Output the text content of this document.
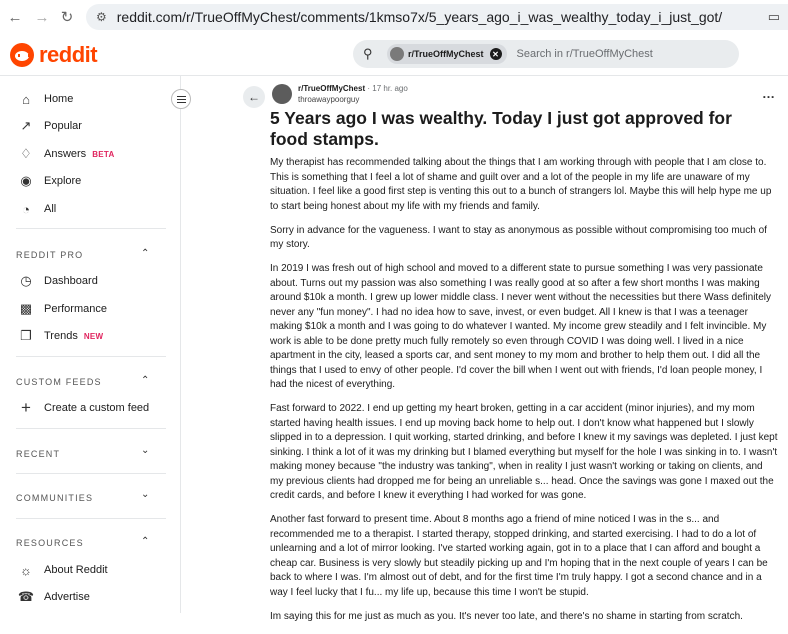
← → ↻	⚙ reddit.com/r/TrueOffMyChest/comments/1kmso7x/5_years_ago_i_was_wealthy_today_i_just_got/	▭
reddit	⚲	r/TrueOffMyChest	✕ Search in r/TrueOffMyChest
⌂	Home
↗ Popular
♢ Answers BETA
◉ Explore
◔	All
REDDIT PRO	⌃
◷ Dashboard
▩ Performance
❐ Trends NEW
CUSTOM FEEDS	⌃
+ Create a custom feed
RECENT	⌄
COMMUNITIES	⌄
RESOURCES	⌃
☼ About Reddit
☎ Advertise
←
r/TrueOffMyChest · 17 hr. ago
throawaypoorguy	…
5 Years ago I was wealthy. Today I just got approved for food stamps.

My therapist has recommended talking about the things that I am working through with people that I am close to. This is something that I feel a lot of shame and guilt over and a lot of the people in my life are unaware of my situation. I feel like a good first step is venting this out to a bunch of strangers lol. Maybe this will help hype me up to start being honest about my life with my friends and family.

Sorry in advance for the vagueness. I want to stay as anonymous as possible without compromising too much of my story.

In 2019 I was fresh out of high school and moved to a different state to pursue something I was very passionate about. Turns out my passion was also something I was really good at so after a few short months I was making around $10k a month. I grew up lower middle class. I never went without the necessities but there Wass definitely never any "fun money". I had no idea how to save, invest, or even budget. All I knew is that I was a teenager making $10k a month and I was going to do whatever I wanted. My income grew steadily and I felt invincible. My work is able to be done pretty much fully remotely so even through COVID I was doing well. I lived in a nice apartment in the city, leased a sports car, and sent money to my mom and brother to help them out. I did all the things that I used to envy of other people. I'd cover the bill when I went out with friends, I'd loan people money, I had the nicest of everything.

Fast forward to 2022. I end up getting my heart broken, getting in a car accident (minor injuries), and my mom started having health issues. I end up moving back home to help out. I don't know what happened but I slowly slipped in to a depression. I quit working, started drinking, and before I knew it my savings was depleted. I just kept sinking. I think a lot of it was my drinking but I blamed everything but myself for the hole I was sinking in to. I wasn't making money because "the industry was tanking", when in reality I just wasn't working or taking on clients, and my previous clients had dropped me for being an unreliable s... head. Once the savings was gone I maxed out the credit cards, and before I knew it everything I had worked for was gone.

Another fast forward to present time. About 8 months ago a friend of mine noticed I was in the s... and recommended me to a therapist. I started therapy, stopped drinking, and started exercising. I had to do a lot of unlearning and a lot of mirror looking. I've started working again, got in to a place that I can afford and bought a cheap car. Business is very slowly but steadily picking up and I'm hoping that in the next couple of years I can be back to where I was. I'm almost out of debt, and for the first time I'm truly happy. I got a second chance and in a way I feel lucky that I fu... my life up, because this time I won't be stupid.

Im saying this for me just as much as you. It's never too late, and there's no shame in starting from scratch.
